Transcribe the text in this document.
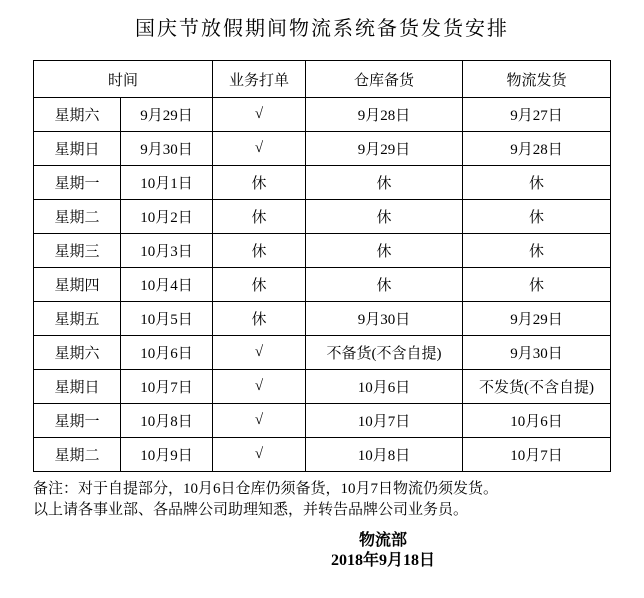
国庆节放假期间物流系统备货发货安排
时间		业务打单	仓库备货	物流发货
星期六	9月29日	√	9月28日	9月27日
星期日	9月30日	√	9月29日	9月28日
星期一	10月1日	休	休	休
星期二	10月2日	休	休	休
星期三	10月3日	休	休	休
星期四	10月4日	休	休	休
星期五	10月5日	休	9月30日	9月29日
星期六	10月6日	√	不备货(不含自提)	9月30日
星期日	10月7日	√	10月6日	不发货(不含自提)
星期一	10月8日	√	10月7日	10月6日
星期二	10月9日	√	10月8日	10月7日
备注：对于自提部分，10月6日仓库仍须备货，10月7日物流仍须发货。
以上请各事业部、各品牌公司助理知悉，并转告品牌公司业务员。
物流部
2018年9月18日
